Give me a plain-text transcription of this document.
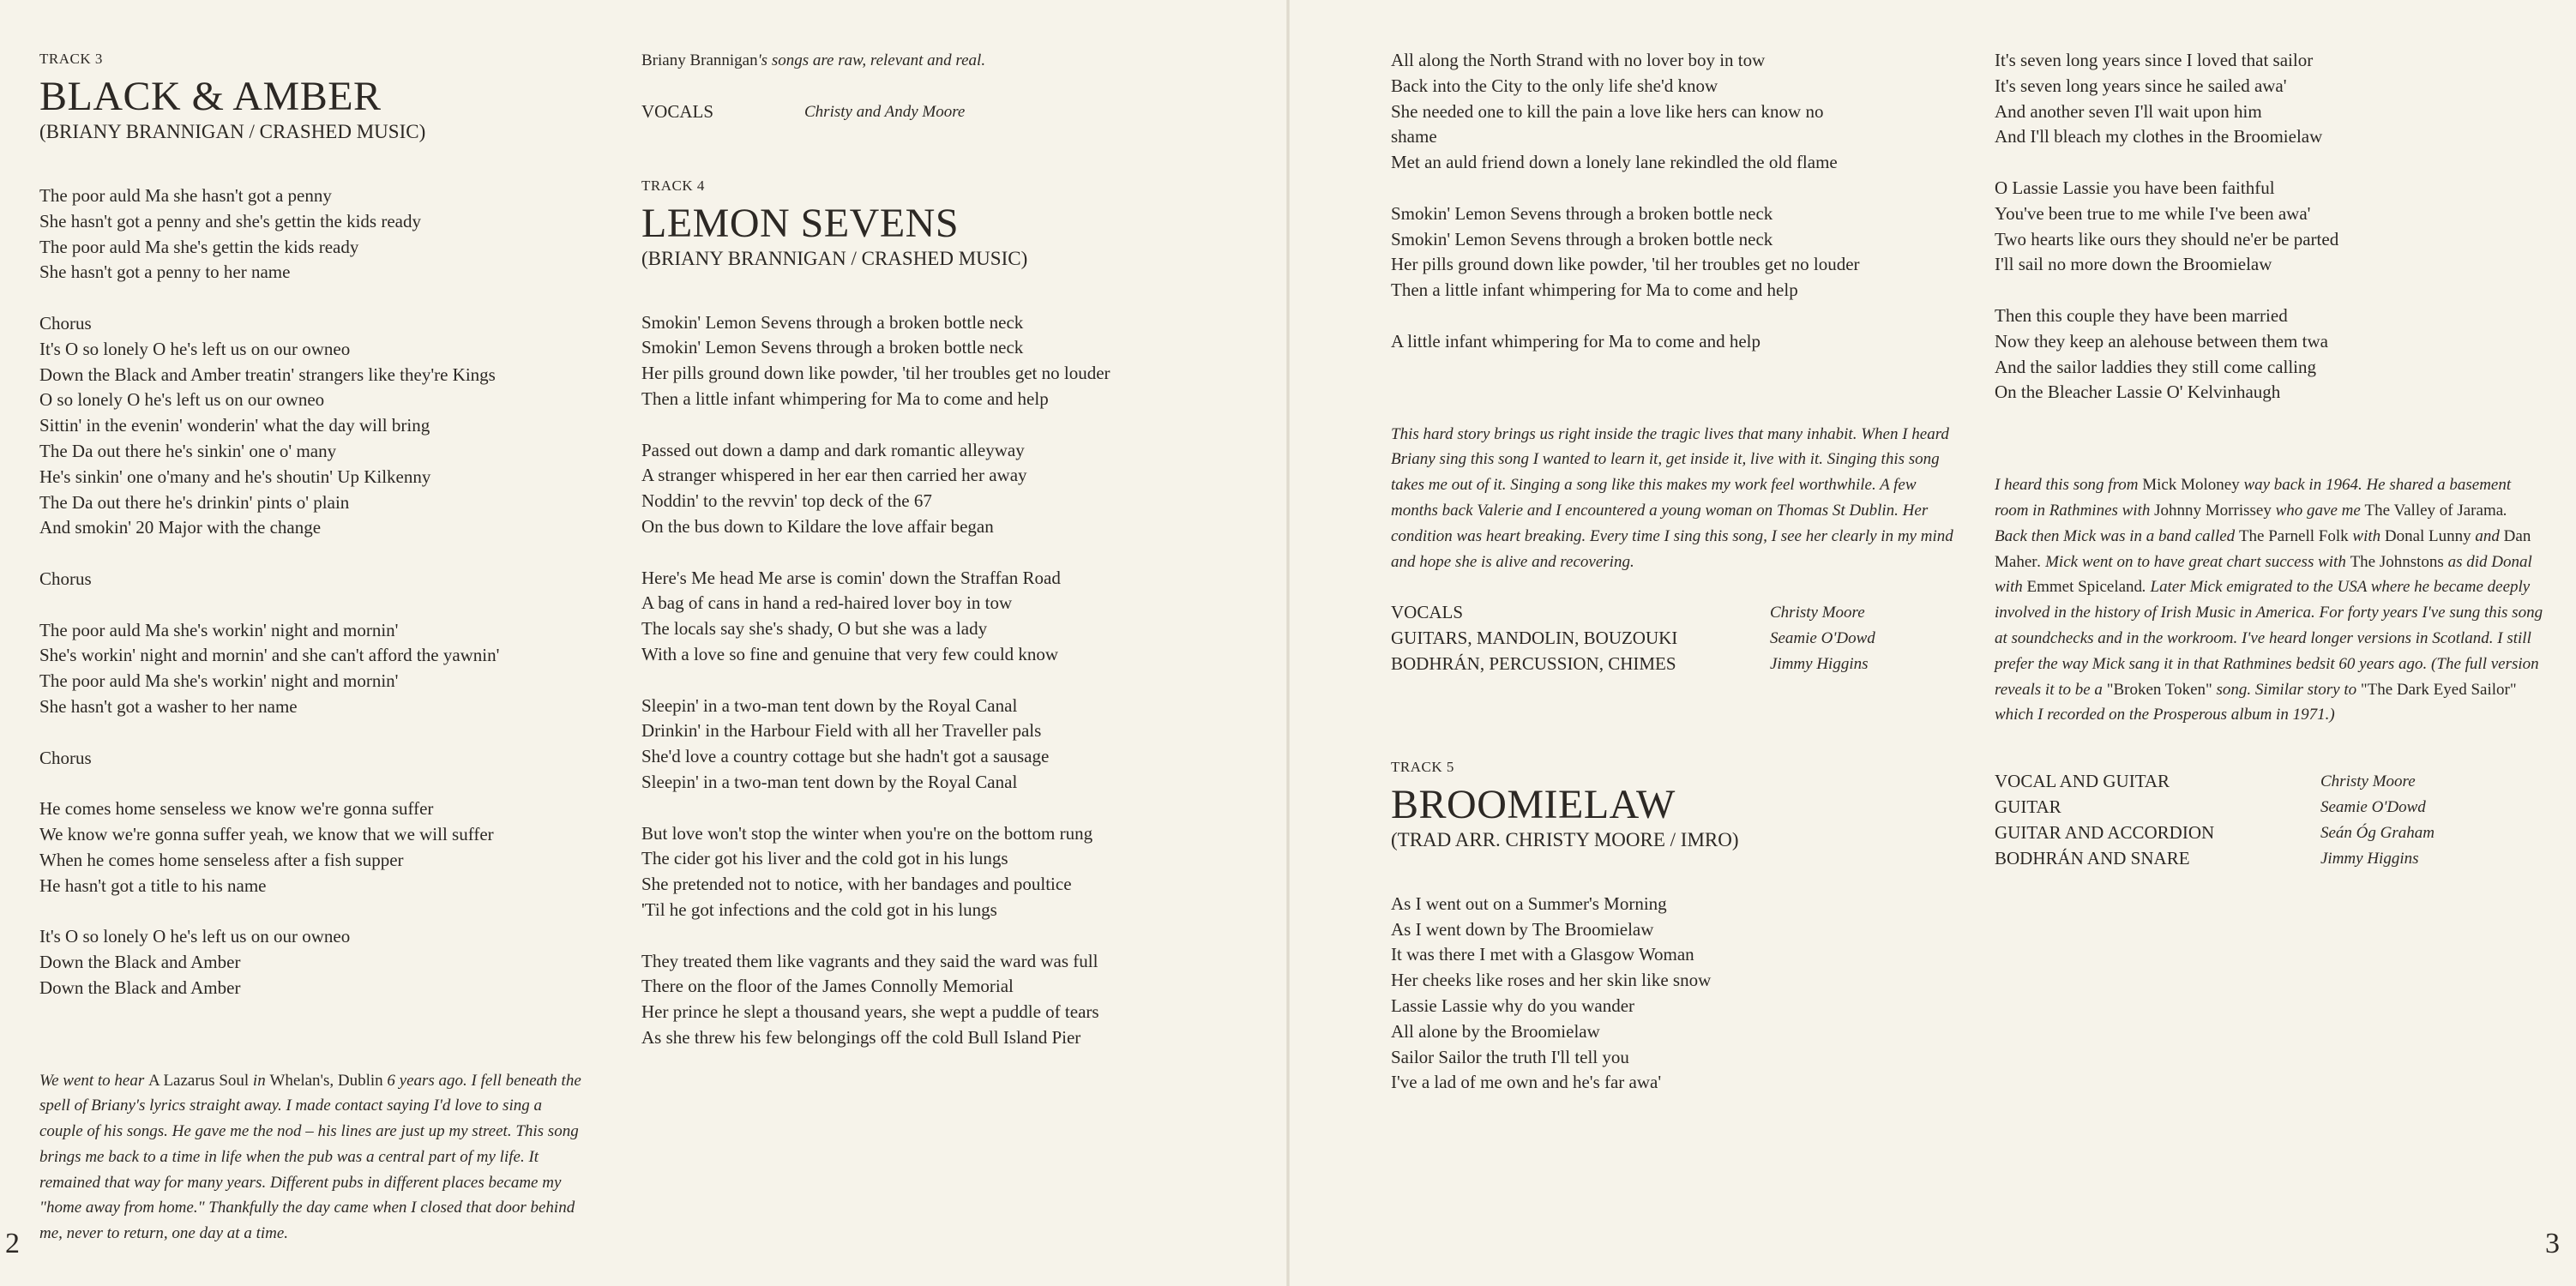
TRACK 3

BLACK & AMBER

(BRIANY BRANNIGAN / CRASHED MUSIC)

The poor auld Ma she hasn't got a penny
She hasn't got a penny and she's gettin the kids ready
The poor auld Ma she's gettin the kids ready
She hasn't got a penny to her name
Chorus
It's O so lonely O he's left us on our owneo
Down the Black and Amber treatin' strangers like they're Kings
O so lonely O he's left us on our owneo
Sittin' in the evenin' wonderin' what the day will bring
The Da out there he's sinkin' one o' many
He's sinkin' one o'many and he's shoutin' Up Kilkenny
The Da out there he's drinkin' pints o' plain
And smokin' 20 Major with the change
Chorus
The poor auld Ma she's workin' night and mornin'
She's workin' night and mornin' and she can't afford the yawnin'
The poor auld Ma she's workin' night and mornin'
She hasn't got a washer to her name
Chorus
He comes home senseless we know we're gonna suffer
We know we're gonna suffer yeah, we know that we will suffer
When he comes home senseless after a fish supper
He hasn't got a title to his name
It's O so lonely O he's left us on our owneo
Down the Black and Amber
Down the Black and Amber

We went to hear A Lazarus Soul in Whelan's, Dublin 6 years ago. I fell beneath the spell of Briany's lyrics straight away. I made contact saying I'd love to sing a couple of his songs. He gave me the nod – his lines are just up my street. This song brings me back to a time in life when the pub was a central part of my life. It remained that way for many years. Different pubs in different places became my "home away from home." Thankfully the day came when I closed that door behind me, never to return, one day at a time.

Briany Brannigan's songs are raw, relevant and real.

VOCALS	Christy and Andy Moore

TRACK 4

LEMON SEVENS

(BRIANY BRANNIGAN / CRASHED MUSIC)

Smokin' Lemon Sevens through a broken bottle neck
Smokin' Lemon Sevens through a broken bottle neck
Her pills ground down like powder, 'til her troubles get no louder
Then a little infant whimpering for Ma to come and help
Passed out down a damp and dark romantic alleyway
A stranger whispered in her ear then carried her away
Noddin' to the revvin' top deck of the 67
On the bus down to Kildare the love affair began
Here's Me head Me arse is comin' down the Straffan Road
A bag of cans in hand a red-haired lover boy in tow
The locals say she's shady, O but she was a lady
With a love so fine and genuine that very few could know
Sleepin' in a two-man tent down by the Royal Canal
Drinkin' in the Harbour Field with all her Traveller pals
She'd love a country cottage but she hadn't got a sausage
Sleepin' in a two-man tent down by the Royal Canal
But love won't stop the winter when you're on the bottom rung
The cider got his liver and the cold got in his lungs
She pretended not to notice, with her bandages and poultice
'Til he got infections and the cold got in his lungs
They treated them like vagrants and they said the ward was full
There on the floor of the James Connolly Memorial
Her prince he slept a thousand years, she wept a puddle of tears
As she threw his few belongings off the cold Bull Island Pier
All along the North Strand with no lover boy in tow
Back into the City to the only life she'd know
She needed one to kill the pain a love like hers can know no
shame
Met an auld friend down a lonely lane rekindled the old flame
Smokin' Lemon Sevens through a broken bottle neck
Smokin' Lemon Sevens through a broken bottle neck
Her pills ground down like powder, 'til her troubles get no louder
Then a little infant whimpering for Ma to come and help
A little infant whimpering for Ma to come and help

This hard story brings us right inside the tragic lives that many inhabit. When I heard Briany sing this song I wanted to learn it, get inside it, live with it. Singing this song takes me out of it. Singing a song like this makes my work feel worthwhile. A few months back Valerie and I encountered a young woman on Thomas St Dublin. Her condition was heart breaking. Every time I sing this song, I see her clearly in my mind and hope she is alive and recovering.

VOCALS	Christy Moore
GUITARS, MANDOLIN, BOUZOUKI	Seamie O'Dowd
BODHRÁN, PERCUSSION, CHIMES	Jimmy Higgins

TRACK 5

BROOMIELAW

(TRAD ARR. CHRISTY MOORE / IMRO)

As I went out on a Summer's Morning
As I went down by The Broomielaw
It was there I met with a Glasgow Woman
Her cheeks like roses and her skin like snow
Lassie Lassie why do you wander
All alone by the Broomielaw
Sailor Sailor the truth I'll tell you
I've a lad of me own and he's far awa'
It's seven long years since I loved that sailor
It's seven long years since he sailed awa'
And another seven I'll wait upon him
And I'll bleach my clothes in the Broomielaw
O Lassie Lassie you have been faithful
You've been true to me while I've been awa'
Two hearts like ours they should ne'er be parted
I'll sail no more down the Broomielaw
Then this couple they have been married
Now they keep an alehouse between them twa
And the sailor laddies they still come calling
On the Bleacher Lassie O' Kelvinhaugh

I heard this song from Mick Moloney way back in 1964. He shared a basement room in Rathmines with Johnny Morrissey who gave me The Valley of Jarama. Back then Mick was in a band called The Parnell Folk with Donal Lunny and Dan Maher. Mick went on to have great chart success with The Johnstons as did Donal with Emmet Spiceland. Later Mick emigrated to the USA where he became deeply involved in the history of Irish Music in America. For forty years I've sung this song at soundchecks and in the workroom. I've heard longer versions in Scotland. I still prefer the way Mick sang it in that Rathmines bedsit 60 years ago. (The full version reveals it to be a "Broken Token" song. Similar story to "The Dark Eyed Sailor" which I recorded on the Prosperous album in 1971.)

VOCAL AND GUITAR	Christy Moore
GUITAR	Seamie O'Dowd
GUITAR AND ACCORDION	Seán Óg Graham
BODHRÁN AND SNARE	Jimmy Higgins

2	3
